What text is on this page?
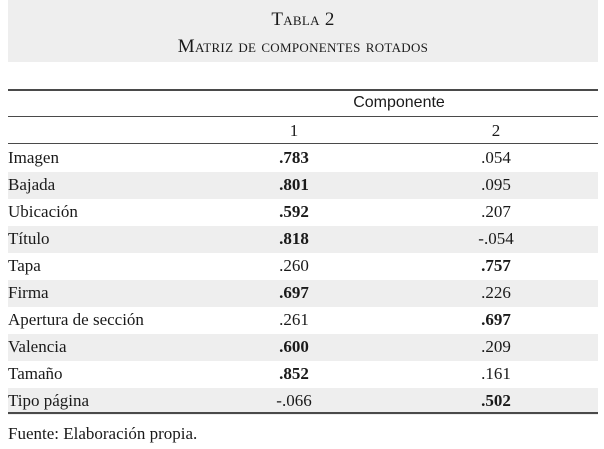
Tabla 2
Matriz de componentes rotados
Componente
1	2
Imagen	.783	.054
Bajada	.801	.095
Ubicación	.592	.207
Título	.818	-.054
Tapa	.260	.757
Firma	.697	.226
Apertura de sección	.261	.697
Valencia	.600	.209
Tamaño	.852	.161
Tipo página	-.066	.502
Fuente: Elaboración propia.
